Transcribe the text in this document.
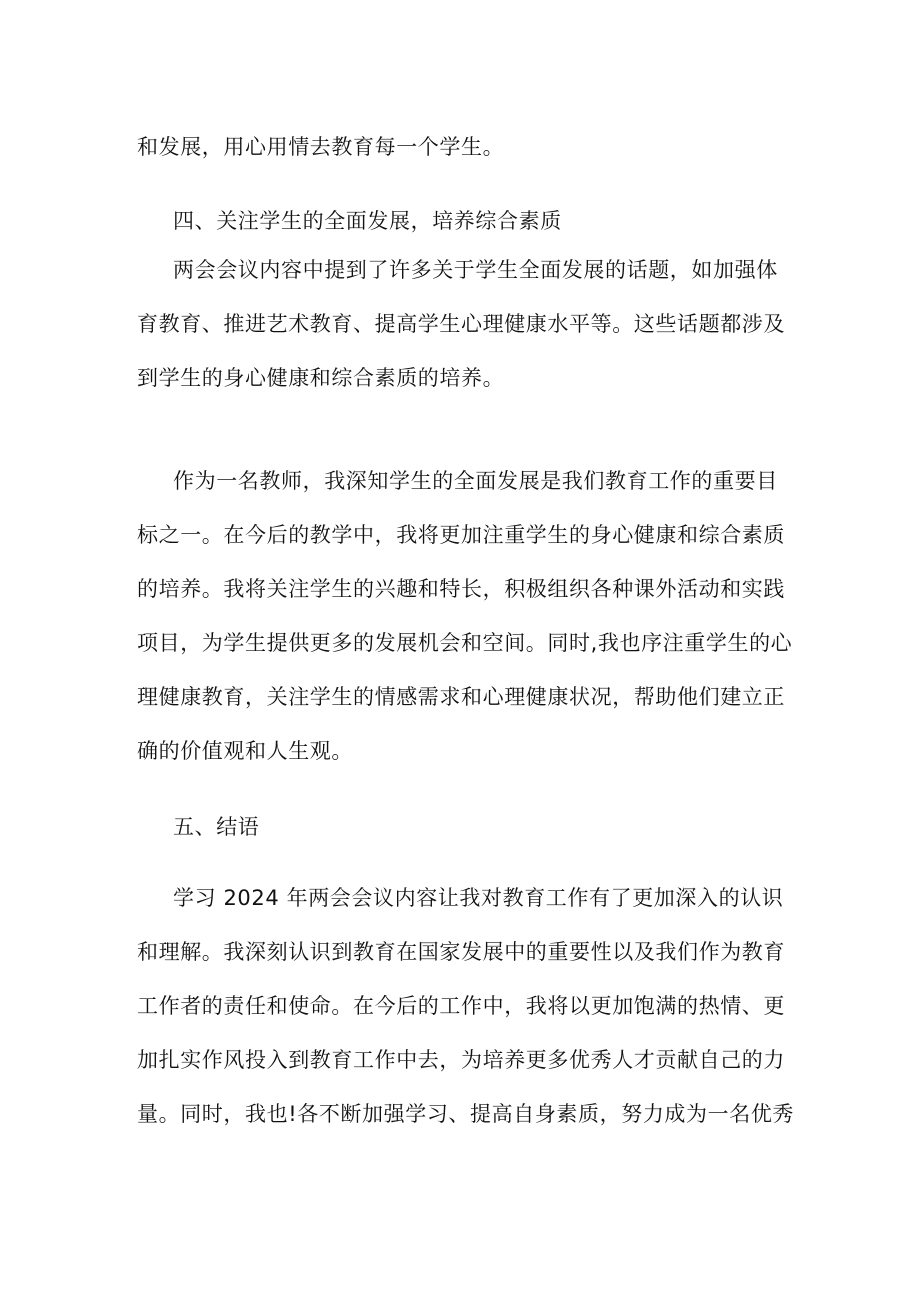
和发展，用心用情去教育每一个学生。
四、关注学生的全面发展，培养综合素质
两会会议内容中提到了许多关于学生全面发展的话题，如加强体
育教育、推进艺术教育、提高学生心理健康水平等。这些话题都涉及
到学生的身心健康和综合素质的培养。
作为一名教师，我深知学生的全面发展是我们教育工作的重要目
标之一。在今后的教学中，我将更加注重学生的身心健康和综合素质
的培养。我将关注学生的兴趣和特长，积极组织各种课外活动和实践
项目，为学生提供更多的发展机会和空间。同时,我也序注重学生的心
理健康教育，关注学生的情感需求和心理健康状况，帮助他们建立正
确的价值观和人生观。
五、结语
学习 2024 年两会会议内容让我对教育工作有了更加深入的认识
和理解。我深刻认识到教育在国家发展中的重要性以及我们作为教育
工作者的责任和使命。在今后的工作中，我将以更加饱满的热情、更
加扎实作风投入到教育工作中去，为培养更多优秀人才贡献自己的力
量。同时，我也!各不断加强学习、提高自身素质，努力成为一名优秀
